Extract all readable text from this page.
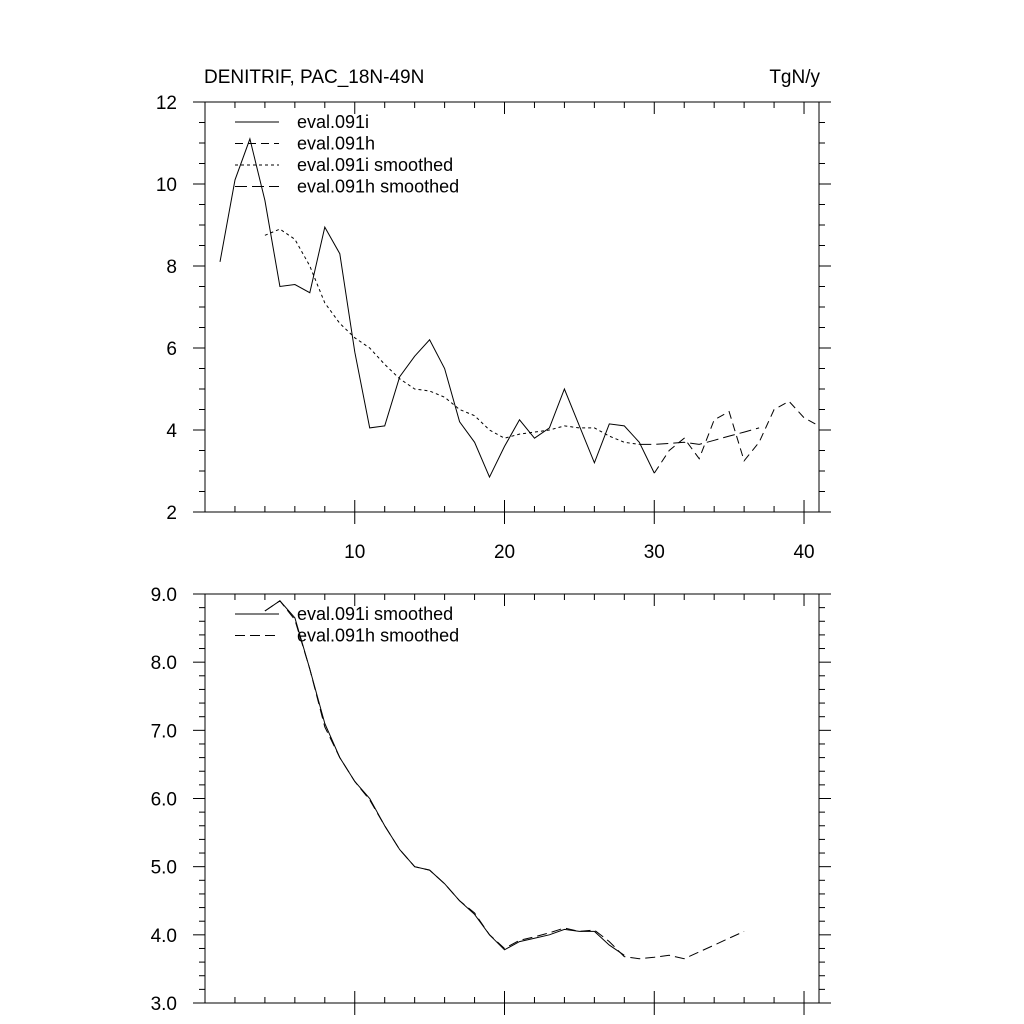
DENITRIF, PAC_18N-49N	TgN/y
2
4
6
8
10
12
10	20	30	40
eval.091i
eval.091h
eval.091i smoothed
eval.091h smoothed
3.0
4.0
5.0
6.0
7.0
8.0
9.0
eval.091i smoothed
eval.091h smoothed
